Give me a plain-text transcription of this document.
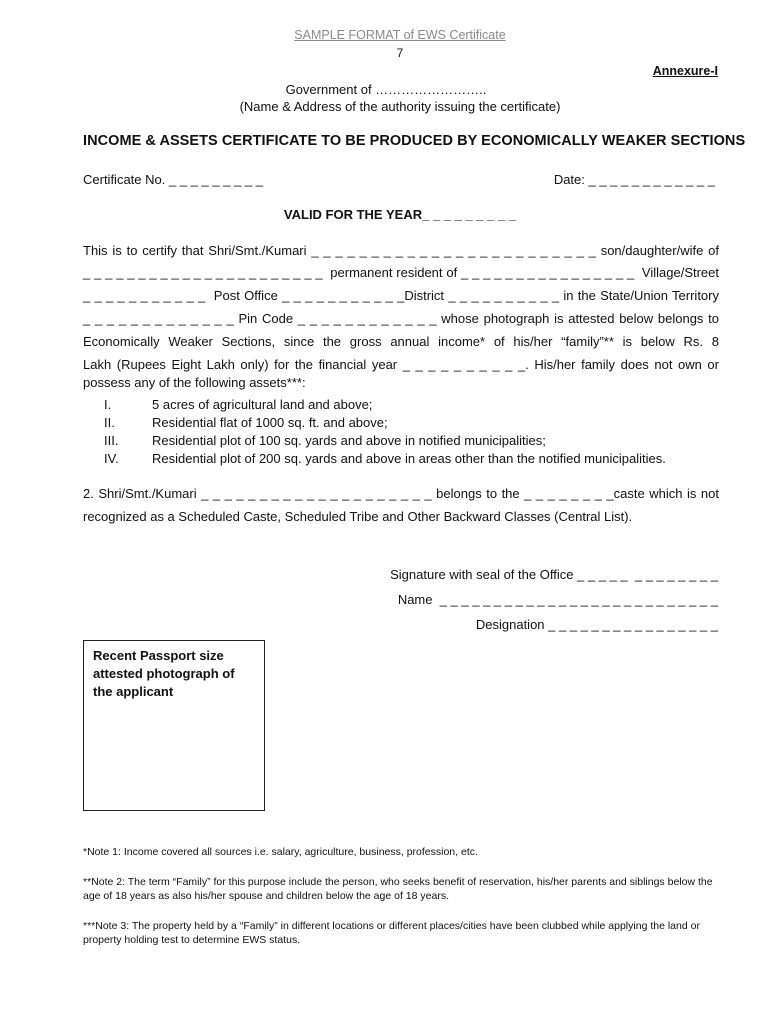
SAMPLE FORMAT of EWS Certificate
7
Annexure-I
Government of ……………………..
(Name & Address of the authority issuing the certificate)
INCOME & ASSETS CERTIFICATE TO BE PRODUCED BY ECONOMICALLY WEAKER SECTIONS
Certificate No. _ _ _ _ _ _ _ _ _	Date: _ _ _ _ _ _ _ _ _ _ _ _
VALID FOR THE YEAR_ _ _ _ _ _ _ _ _
This is to certify that Shri/Smt./Kumari _ _ _ _ _ _ _ _ _ _ _ _ _ _ _ _ _ _ _ _ _ _ _ _ son/daughter/wife of
_ _ _ _ _ _ _ _ _ _ _ _ _ _ _ _ _ _ _ _ _ _  permanent resident of _ _ _ _ _ _ _ _ _ _ _ _ _ _ _ _  Village/Street
_ _ _ _ _ _ _ _ _ _ _  Post Office _ _ _ _ _ _ _ _ _ _ _District _ _ _ _ _ _ _ _ _ _ in the State/Union Territory
_ _ _ _ _ _ _ _ _ _ _ _ _ Pin Code _ _ _ _ _ _ _ _ _ _ _ _ whose photograph is attested below belongs to
Economically Weaker Sections, since the gross annual income* of his/her “family”** is below Rs. 8
Lakh (Rupees Eight Lakh only) for the financial year _ _ _ _ _ _ _ _ _ _. His/her family does not own or
possess any of the following assets***:
I.	5 acres of agricultural land and above;
II.	Residential flat of 1000 sq. ft. and above;
III.	Residential plot of 100 sq. yards and above in notified municipalities;
IV.	Residential plot of 200 sq. yards and above in areas other than the notified municipalities.
2. Shri/Smt./Kumari _ _ _ _ _ _ _ _ _ _ _ _ _ _ _ _ _ _ _ _ belongs to the _ _ _ _ _ _ _ _caste which is not
recognized as a Scheduled Caste, Scheduled Tribe and Other Backward Classes (Central List).
Signature with seal of the Office _ _ _ _ _  _ _ _ _ _ _ _ _
Name  _ _ _ _ _ _ _ _ _ _ _ _ _ _ _ _ _ _ _ _ _ _ _ _ _ _
Designation _ _ _ _ _ _ _ _ _ _ _ _ _ _ _ _
Recent Passport size
attested photograph of
the applicant
*Note 1: Income covered all sources i.e. salary, agriculture, business, profession, etc.
**Note 2: The term “Family” for this purpose include the person, who seeks benefit of reservation, his/her parents and siblings below the age of 18 years as also his/her spouse and children below the age of 18 years.
***Note 3: The property held by a “Family” in different locations or different places/cities have been clubbed while applying the land or property holding test to determine EWS status.
